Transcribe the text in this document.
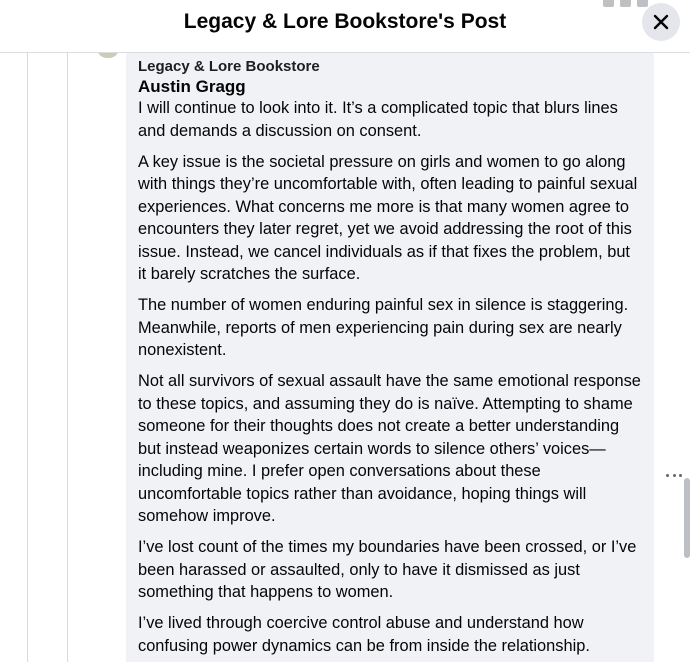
Legacy & Lore Bookstore's Post
Legacy & Lore Bookstore
Austin Gragg
I will continue to look into it. It’s a complicated topic that blurs lines and demands a discussion on consent.
A key issue is the societal pressure on girls and women to go along with things they’re uncomfortable with, often leading to painful sexual experiences. What concerns me more is that many women agree to encounters they later regret, yet we avoid addressing the root of this issue. Instead, we cancel individuals as if that fixes the problem, but it barely scratches the surface.
The number of women enduring painful sex in silence is staggering. Meanwhile, reports of men experiencing pain during sex are nearly nonexistent.
Not all survivors of sexual assault have the same emotional response to these topics, and assuming they do is naïve. Attempting to shame someone for their thoughts does not create a better understanding but instead weaponizes certain words to silence others’ voices—including mine. I prefer open conversations about these uncomfortable topics rather than avoidance, hoping things will somehow improve.
I’ve lost count of the times my boundaries have been crossed, or I’ve been harassed or assaulted, only to have it dismissed as just something that happens to women.
I’ve lived through coercive control abuse and understand how confusing power dynamics can be from inside the relationship.
